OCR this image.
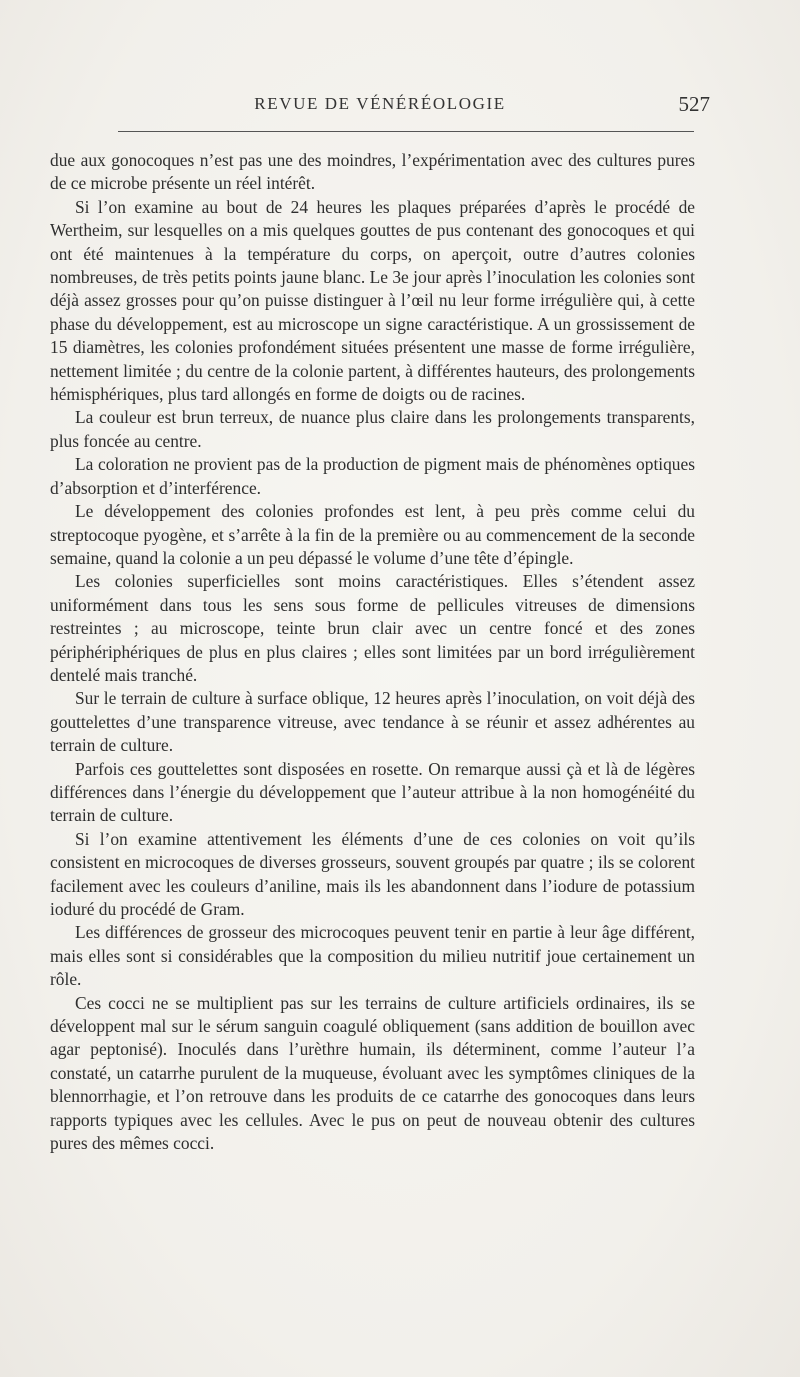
REVUE DE VÉNÉRÉOLOGIE	527

due aux gonocoques n’est pas une des moindres, l’expérimentation avec des cultures pures de ce microbe présente un réel intérêt.

Si l’on examine au bout de 24 heures les plaques préparées d’après le procédé de Wertheim, sur lesquelles on a mis quelques gouttes de pus contenant des gonocoques et qui ont été maintenues à la température du corps, on aperçoit, outre d’autres colonies nombreuses, de très petits points jaune blanc. Le 3e jour après l’inoculation les colonies sont déjà assez grosses pour qu’on puisse distinguer à l’œil nu leur forme irrégulière qui, à cette phase du développement, est au microscope un signe caractéristique. A un grossissement de 15 diamètres, les colonies profondément situées présentent une masse de forme irrégulière, nettement limitée ; du centre de la colonie partent, à différentes hauteurs, des prolongements hémisphériques, plus tard allongés en forme de doigts ou de racines.

La couleur est brun terreux, de nuance plus claire dans les prolongements transparents, plus foncée au centre.

La coloration ne provient pas de la production de pigment mais de phénomènes optiques d’absorption et d’interférence.

Le développement des colonies profondes est lent, à peu près comme celui du streptocoque pyogène, et s’arrête à la fin de la première ou au commencement de la seconde semaine, quand la colonie a un peu dépassé le volume d’une tête d’épingle.

Les colonies superficielles sont moins caractéristiques. Elles s’étendent assez uniformément dans tous les sens sous forme de pellicules vitreuses de dimensions restreintes ; au microscope, teinte brun clair avec un centre foncé et des zones périphériphériques de plus en plus claires ; elles sont limitées par un bord irrégulièrement dentelé mais tranché.

Sur le terrain de culture à surface oblique, 12 heures après l’inoculation, on voit déjà des gouttelettes d’une transparence vitreuse, avec tendance à se réunir et assez adhérentes au terrain de culture.

Parfois ces gouttelettes sont disposées en rosette. On remarque aussi çà et là de légères différences dans l’énergie du développement que l’auteur attribue à la non homogénéité du terrain de culture.

Si l’on examine attentivement les éléments d’une de ces colonies on voit qu’ils consistent en microcoques de diverses grosseurs, souvent groupés par quatre ; ils se colorent facilement avec les couleurs d’aniline, mais ils les abandonnent dans l’iodure de potassium ioduré du procédé de Gram.

Les différences de grosseur des microcoques peuvent tenir en partie à leur âge différent, mais elles sont si considérables que la composition du milieu nutritif joue certainement un rôle.

Ces cocci ne se multiplient pas sur les terrains de culture artificiels ordinaires, ils se développent mal sur le sérum sanguin coagulé obliquement (sans addition de bouillon avec agar peptonisé). Inoculés dans l’urèthre humain, ils déterminent, comme l’auteur l’a constaté, un catarrhe purulent de la muqueuse, évoluant avec les symptômes cliniques de la blennorrhagie, et l’on retrouve dans les produits de ce catarrhe des gonocoques dans leurs rapports typiques avec les cellules. Avec le pus on peut de nouveau obtenir des cultures pures des mêmes cocci.
